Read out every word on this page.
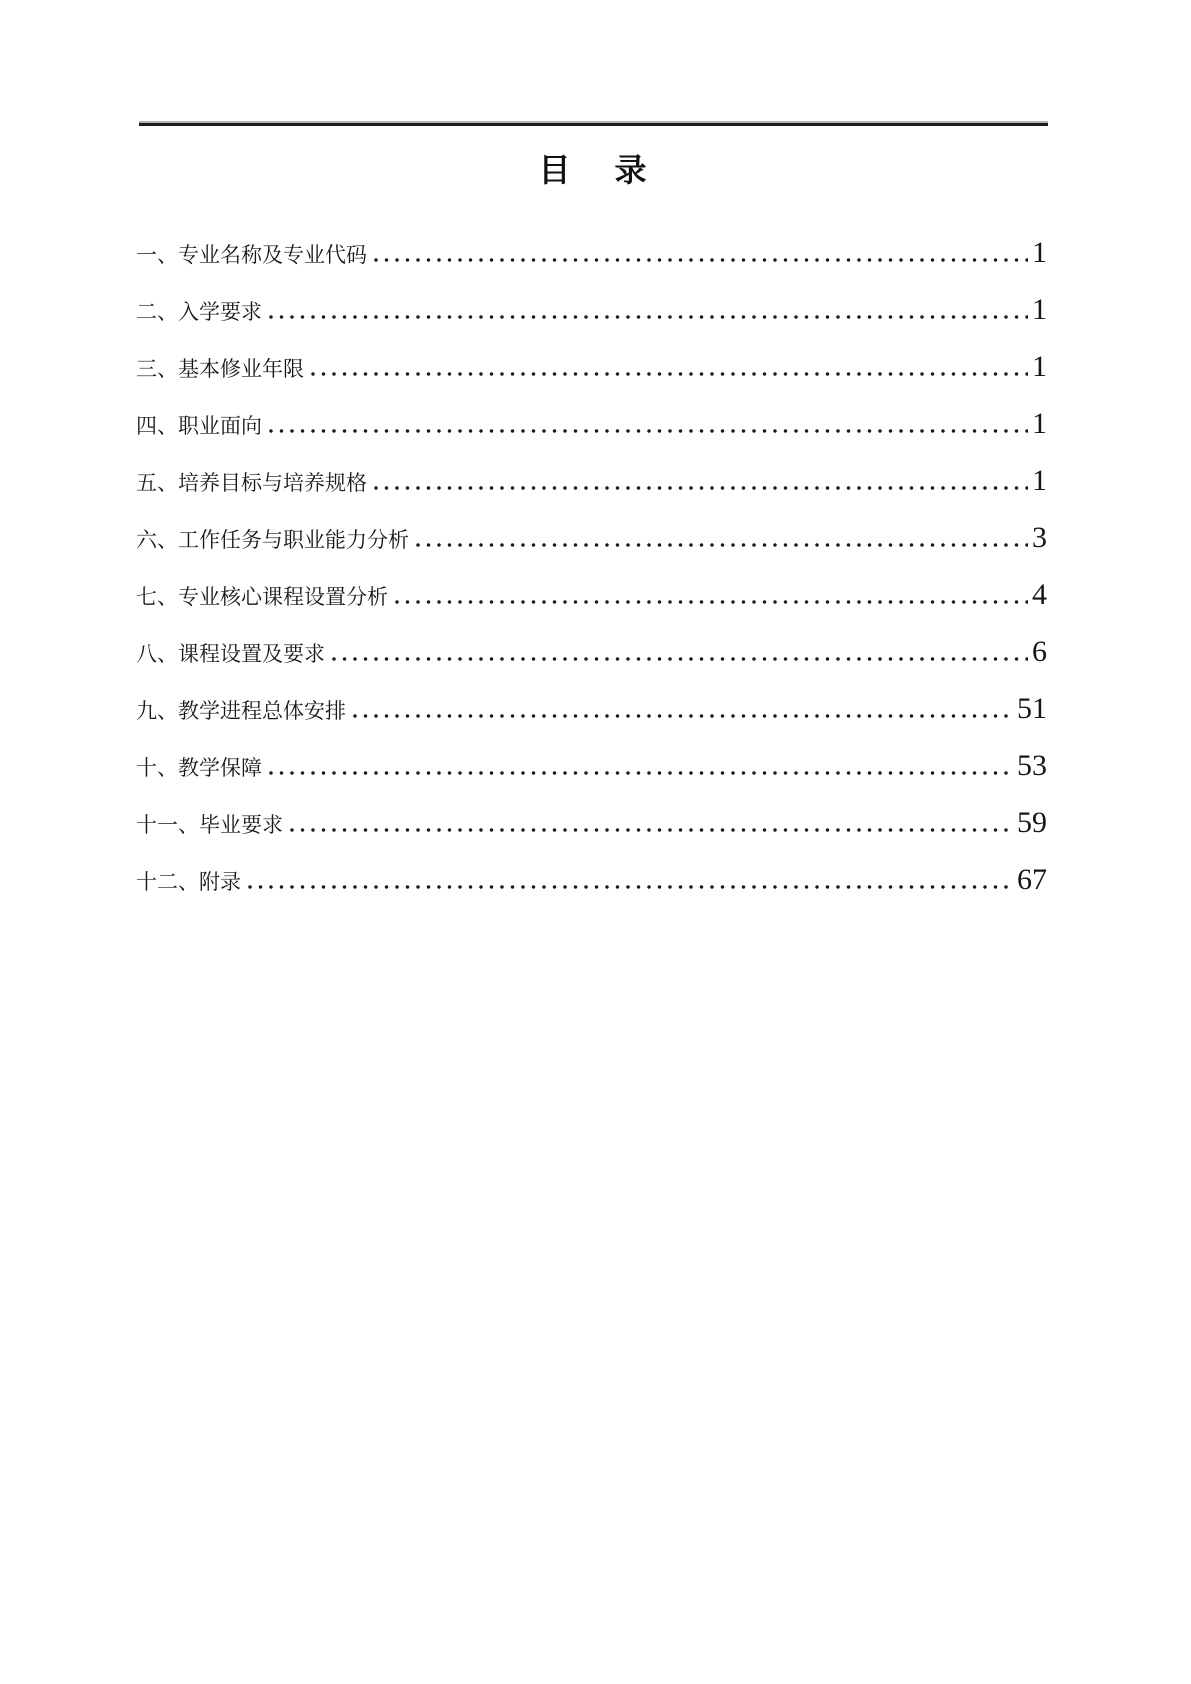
目　录
一、专业名称及专业代码	1
二、入学要求	1
三、基本修业年限	1
四、职业面向	1
五、培养目标与培养规格	1
六、工作任务与职业能力分析	3
七、专业核心课程设置分析	4
八、课程设置及要求	6
九、教学进程总体安排	51
十、教学保障	53
十一、毕业要求	59
十二、附录	67
